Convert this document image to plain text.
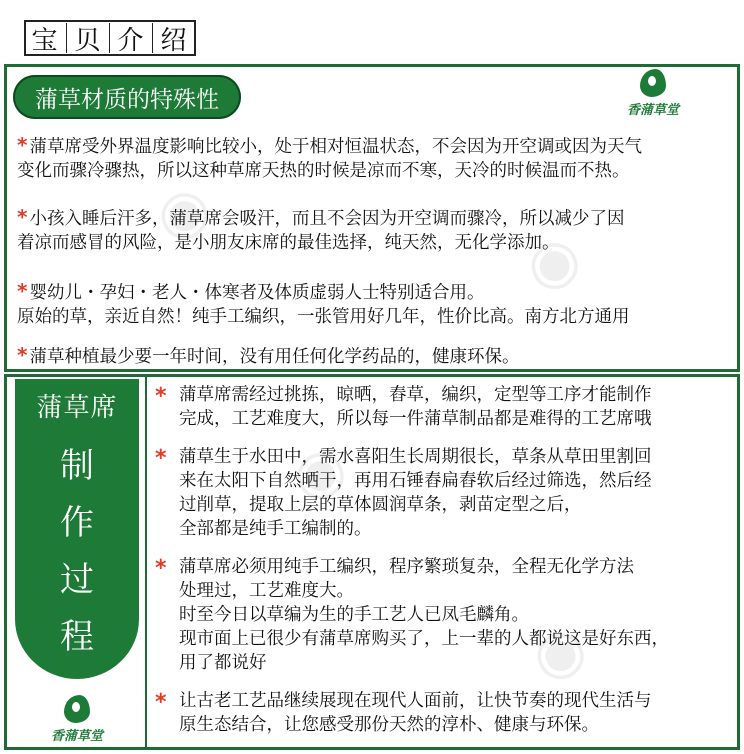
宝 贝 介 绍
蒲草材质的特殊性	香蒲草堂
◉
◉
* 蒲草席受外界温度影响比较小，处于相对恒温状态，不会因为开空调或因为天气
变化而骤冷骤热，所以这种草席天热的时候是凉而不寒，天冷的时候温而不热。
* 小孩入睡后汗多，蒲草席会吸汗，而且不会因为开空调而骤冷，所以减少了因
着凉而感冒的风险，是小朋友床席的最佳选择，纯天然，无化学添加。
* 婴幼儿・孕妇・老人・体寒者及体质虚弱人士特别适合用。
原始的草，亲近自然！纯手工编织，一张管用好几年，性价比高。南方北方通用
* 蒲草种植最少要一年时间，没有用任何化学药品的，健康环保。
蒲草席
制
作
过
程
香蒲草堂
◉
◉
* 蒲草席需经过挑拣，晾晒，舂草，编织，定型等工序才能制作
完成，工艺难度大，所以每一件蒲草制品都是难得的工艺席哦
* 蒲草生于水田中，需水喜阳生长周期很长，草条从草田里割回
来在太阳下自然晒干，再用石锤舂扁舂软后经过筛选，然后经
过削草，提取上层的草体圆润草条，剥苗定型之后，
全部都是纯手工编制的。
* 蒲草席必须用纯手工编织，程序繁琐复杂，全程无化学方法
处理过，工艺难度大。
时至今日以草编为生的手工艺人已凤毛麟角。
现市面上已很少有蒲草席购买了，上一辈的人都说这是好东西，
用了都说好
* 让古老工艺品继续展现在现代人面前，让快节奏的现代生活与
原生态结合，让您感受那份天然的淳朴、健康与环保。
